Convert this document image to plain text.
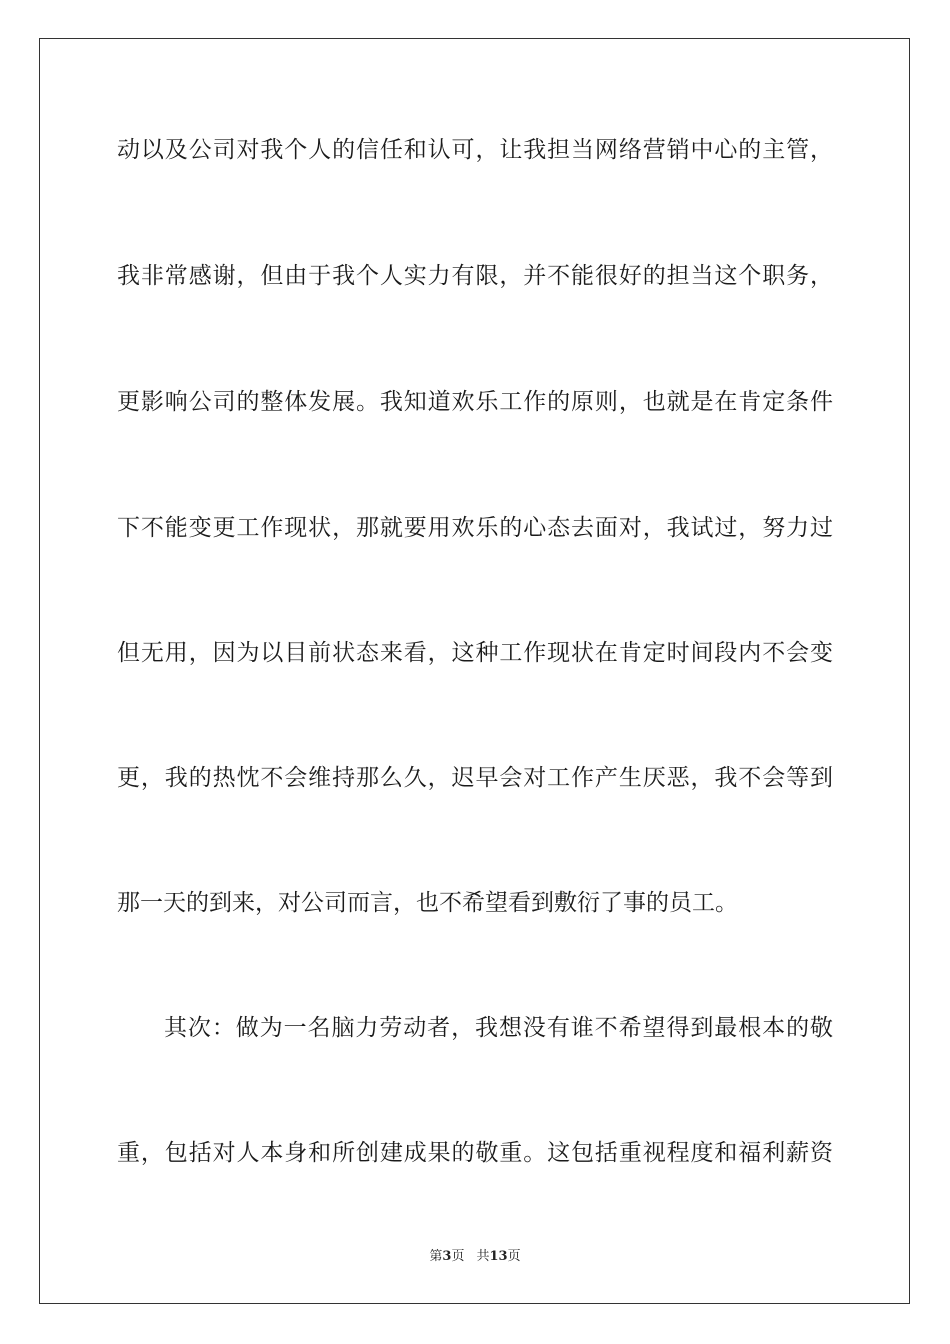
动以及公司对我个人的信任和认可，让我担当网络营销中心的主管，
我非常感谢，但由于我个人实力有限，并不能很好的担当这个职务，
更影响公司的整体发展。我知道欢乐工作的原则，也就是在肯定条件
下不能变更工作现状，那就要用欢乐的心态去面对，我试过，努力过
但无用，因为以目前状态来看，这种工作现状在肯定时间段内不会变
更，我的热忱不会维持那么久，迟早会对工作产生厌恶，我不会等到
那一天的到来，对公司而言，也不希望看到敷衍了事的员工。
其次：做为一名脑力劳动者，我想没有谁不希望得到最根本的敬
重，包括对人本身和所创建成果的敬重。这包括重视程度和福利薪资
第3页 共13页
